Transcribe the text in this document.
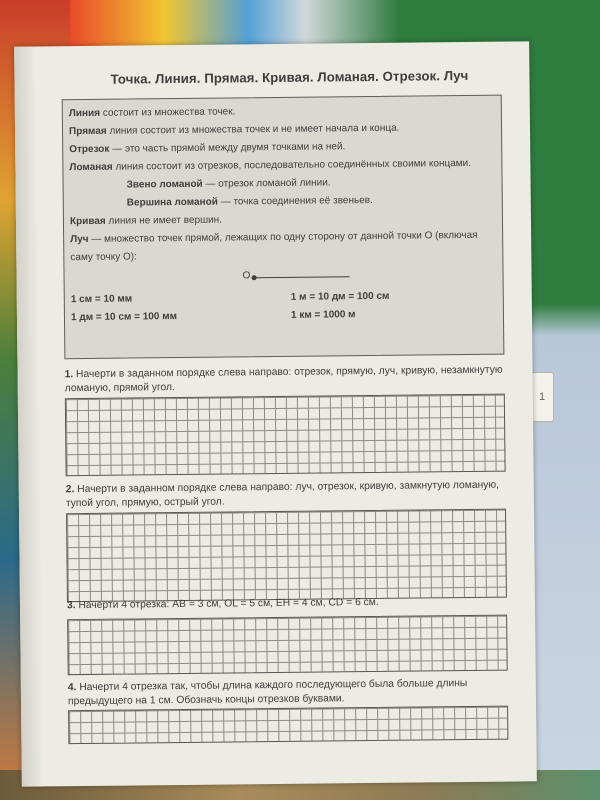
1
Точка. Линия. Прямая. Кривая. Ломаная. Отрезок. Луч

Линия состоит из множества точек.

Прямая линия состоит из множества точек и не имеет начала и конца.

Отрезок — это часть прямой между двумя точками на ней.

Ломаная линия состоит из отрезков, последовательно соединённых своими концами.

Звено ломаной — отрезок ломаной линии.

Вершина ломаной — точка соединения её звеньев.

Кривая линия не имеет вершин.

Луч — множество точек прямой, лежащих по одну сторону от данной точки О (включая саму точку О):

О
1 см = 10 мм	1 м = 10 дм = 100 см
1 дм = 10 см = 100 мм	1 км = 1000 м
1. Начерти в заданном порядке слева направо: отрезок, прямую, луч, кривую, незамкнутую ломаную, прямой угол.
2. Начерти в заданном порядке слева направо: луч, отрезок, кривую, замкнутую ломаную, тупой угол, прямую, острый угол.
3. Начерти 4 отрезка: AB = 3 см, OL = 5 см, EH = 4 см, CD = 6 см.
4. Начерти 4 отрезка так, чтобы длина каждого последующего была больше длины предыдущего на 1 см. Обозначь концы отрезков буквами.
